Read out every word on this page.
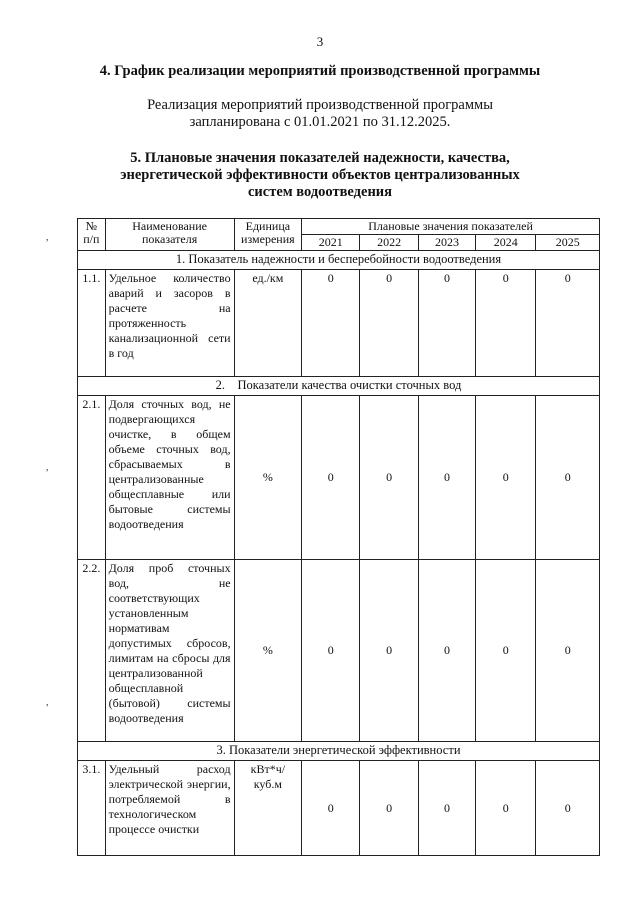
3
4. График реализации мероприятий производственной программы
Реализация мероприятий производственной программы
запланирована с 01.01.2021 по 31.12.2025.
5. Плановые значения показателей надежности, качества,
энергетической эффективности объектов централизованных
систем водоотведения
,
,
,
№ п/п	Наименование показателя	Единица измерения	Плановые значения показателей				
			2021	2022	2023	2024	2025
1. Показатель надежности и бесперебойности водоотведения							
1.1.	Удельное количество аварий и засоров в расчете на протяженность канализационной сети в год	ед./км	0	0	0	0	0
2.    Показатели качества очистки сточных вод							
2.1.	Доля сточных вод, не подвергающихся очистке, в общем объеме сточных вод, сбрасываемых в централизованные общесплавные или бытовые системы водоотведения	%	0	0	0	0	0
2.2.	Доля проб сточных вод, не соответствующих установленным нормативам допустимых сбросов, лимитам на сбросы для централизованной общесплавной (бытовой) системы водоотведения	%	0	0	0	0	0
3. Показатели энергетической эффективности							
3.1.	Удельный расход электрической энергии, потребляемой в технологическом процессе очистки	кВт*ч/куб.м	0	0	0	0	0
